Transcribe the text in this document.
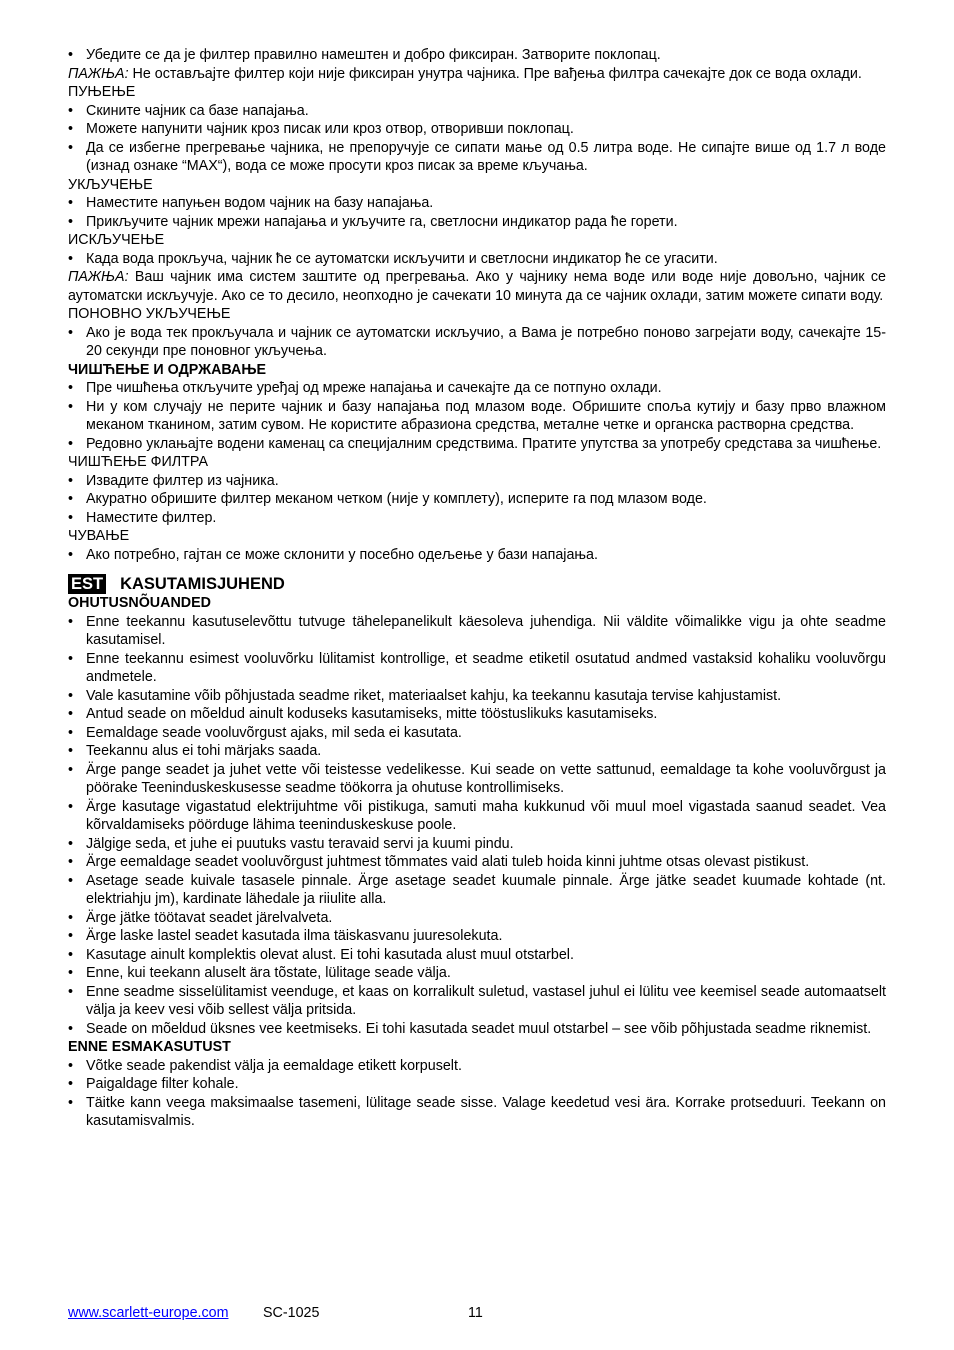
• Убедите се да је филтер правилно намештен и добро фиксиран. Затворите поклопац.

ПАЖЊА: Не остављајте филтер који није фиксиран унутра чајника. Пре вађења филтра сачекајте док се вода охлади.

ПУЊЕЊЕ
• Скините чајник са базе напајања.
• Можете напунити чајник кроз писак или кроз отвор, отворивши поклопац.
• Да се избегне прегревање чајника, не препоручује се сипати мање од 0.5 литра воде. Не сипајте више од 1.7 л воде (изнад ознаке “MAX“), вода се може просути кроз писак за време кључања.
УКЉУЧЕЊЕ
• Наместите напуњен водом чајник на базу напајања.
• Прикључите чајник мрежи напајања и укључите га, светлосни индикатор рада ће горети.
ИСКЉУЧЕЊЕ
• Када вода прокључа, чајник ће се аутоматски искључити и светлосни индикатор ће се угасити.

ПАЖЊА: Ваш чајник има систем заштите од прегревања. Ако у чајнику нема воде или воде није довољно, чајник се аутоматски искључује. Ако се то десило, неопходно је сачекати 10 минута да се чајник охлади, затим можете сипати воду.

ПОНОВНО УКЉУЧЕЊЕ
• Ако је вода тек прокључала и чајник се аутоматски искључио, а Вама је потребно поново загрејати воду, сачекајте 15-20 секунди пре поновног укључења.
ЧИШЋЕЊЕ И ОДРЖАВАЊЕ
• Пре чишћења откључите уређај од мреже напајања и сачекајте да се потпуно охлади.
• Ни у ком случају не перите чајник и базу напајања под млазом воде. Обришите споља кутију и базу прво влажном меканом тканином, затим сувом. Не користите абразиона средства, металне четке и органска растворна средства.
• Редовно уклањајте водени каменац са специјалним средствима. Пратите упутства за употребу средстава за чишћење.
ЧИШЋЕЊЕ ФИЛТРА
• Извадите филтер из чајника.
• Акуратно обришите филтер меканом четком (није у комплету), исперите га под млазом воде.
• Наместите филтер.
ЧУВАЊЕ
• Ако потребно, гајтан се може склонити у посебно одељење у бази напајања.
EST KASUTAMISJUHEND
OHUTUSNÕUANDED
• Enne teekannu kasutuselevõttu tutvuge tähelepanelikult käesoleva juhendiga. Nii väldite võimalikke vigu ja ohte seadme kasutamisel.
• Enne teekannu esimest vooluvõrku lülitamist kontrollige, et seadme etiketil osutatud andmed vastaksid kohaliku vooluvõrgu andmetele.
• Vale kasutamine võib põhjustada seadme riket, materiaalset kahju, ka teekannu kasutaja tervise kahjustamist.
• Antud seade on mõeldud ainult koduseks kasutamiseks, mitte tööstuslikuks kasutamiseks.
• Eemaldage seade vooluvõrgust ajaks, mil seda ei kasutata.
• Teekannu alus ei tohi märjaks saada.
• Ärge pange seadet ja juhet vette või teistesse vedelikesse. Kui seade on vette sattunud, eemaldage ta kohe vooluvõrgust ja pöörake Teeninduskeskusesse seadme töökorra ja ohutuse kontrollimiseks.
• Ärge kasutage vigastatud elektrijuhtme või pistikuga, samuti maha kukkunud või muul moel vigastada saanud seadet. Vea kõrvaldamiseks pöörduge lähima teeninduskeskuse poole.
• Jälgige seda, et juhe ei puutuks vastu teravaid servi ja kuumi pindu.
• Ärge eemaldage seadet vooluvõrgust juhtmest tõmmates vaid alati tuleb hoida kinni juhtme otsas olevast pistikust.
• Asetage seade kuivale tasasele pinnale. Ärge asetage seadet kuumale pinnale. Ärge jätke seadet kuumade kohtade (nt. elektriahju jm), kardinate lähedale ja riiulite alla.
• Ärge jätke töötavat seadet järelvalveta.
• Ärge laske lastel seadet kasutada ilma täiskasvanu juuresolekuta.
• Kasutage ainult komplektis olevat alust. Ei tohi kasutada alust muul otstarbel.
• Enne, kui teekann aluselt ära tõstate, lülitage seade välja.
• Enne seadme sisselülitamist veenduge, et kaas on korralikult suletud, vastasel juhul ei lülitu vee keemisel seade automaatselt välja ja keev vesi võib sellest välja pritsida.
• Seade on mõeldud üksnes vee keetmiseks. Ei tohi kasutada seadet muul otstarbel – see võib põhjustada seadme riknemist.
ENNE ESMAKASUTUST
• Võtke seade pakendist välja ja eemaldage etikett korpuselt.
• Paigaldage filter kohale.
• Täitke kann veega maksimaalse tasemeni, lülitage seade sisse. Valage keedetud vesi ära. Korrake protseduuri. Teekann on kasutamisvalmis.
www.scarlett-europe.com SC-1025	11
